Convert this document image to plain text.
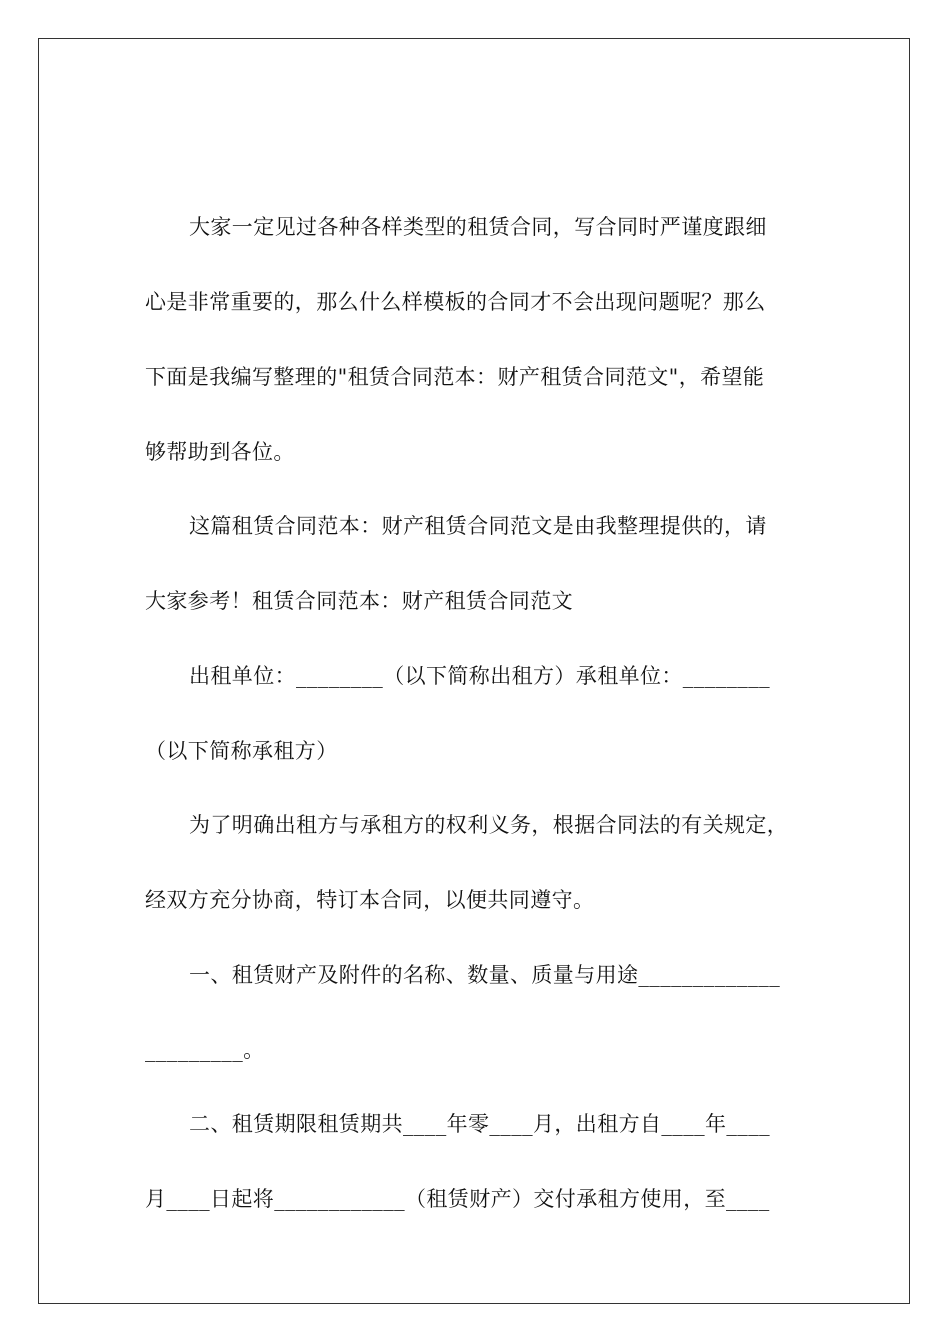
大家一定见过各种各样类型的租赁合同，写合同时严谨度跟细
心是非常重要的，那么什么样模板的合同才不会出现问题呢？那么
下面是我编写整理的"租赁合同范本：财产租赁合同范文"，希望能
够帮助到各位。
这篇租赁合同范本：财产租赁合同范文是由我整理提供的，请
大家参考！租赁合同范本：财产租赁合同范文
出租单位：________（以下简称出租方）承租单位：________
（以下简称承租方）
为了明确出租方与承租方的权利义务，根据合同法的有关规定，
经双方充分协商，特订本合同，以便共同遵守。
一、租赁财产及附件的名称、数量、质量与用途_____________
_________。
二、租赁期限租赁期共____年零____月，出租方自____年____
月____日起将____________（租赁财产）交付承租方使用，至____
